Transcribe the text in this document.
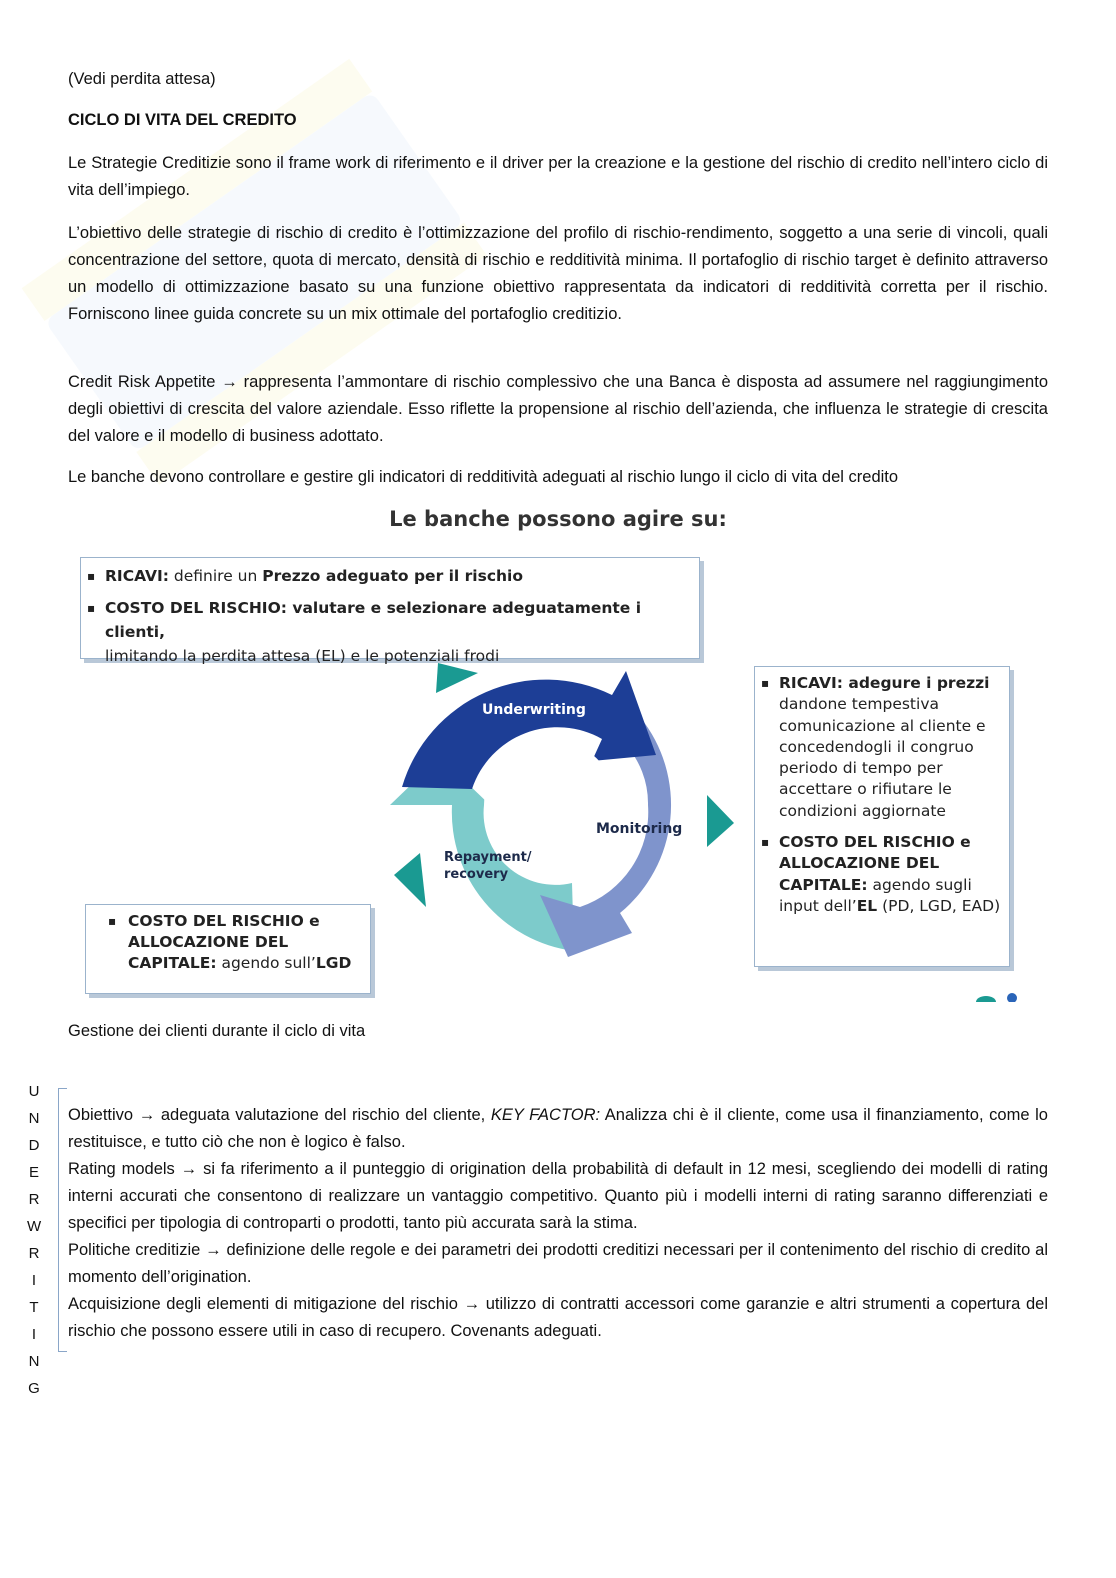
(Vedi perdita attesa)
CICLO DI VITA DEL CREDITO
Le Strategie Creditizie sono il frame work di riferimento e il driver per la creazione e la gestione del rischio di credito nell’intero ciclo di vita dell’impiego.
L’obiettivo delle strategie di rischio di credito è l’ottimizzazione del profilo di rischio-rendimento, soggetto a una serie di vincoli, quali concentrazione del settore, quota di mercato, densità di rischio e redditività minima. Il portafoglio di rischio target è definito attraverso un modello di ottimizzazione basato su una funzione obiettivo rappresentata da indicatori di redditività corretta per il rischio. Forniscono linee guida concrete su un mix ottimale del portafoglio creditizio.
Credit Risk Appetite → rappresenta l’ammontare di rischio complessivo che una Banca è disposta ad assumere nel raggiungimento degli obiettivi di crescita del valore aziendale. Esso riflette la propensione al rischio dell’azienda, che influenza le strategie di crescita del valore e il modello di business adottato.
Le banche devono controllare e gestire gli indicatori di redditività adeguati al rischio lungo il ciclo di vita del credito
Le banche possono agire su:
▪ RICAVI: definire un Prezzo adeguato per il rischio
▪ COSTO DEL RISCHIO: valutare e selezionare adeguatamente i clienti,
limitando la perdita attesa (EL) e le potenziali frodi
▪ RICAVI: adegure i prezzi
dandone tempestiva comunicazione al cliente e concedendogli il congruo periodo di tempo per accettare o rifiutare le condizioni aggiornate
▪ COSTO DEL RISCHIO e ALLOCAZIONE DEL CAPITALE: agendo sugli input dell’EL (PD, LGD, EAD)
▪ COSTO DEL RISCHIO e ALLOCAZIONE DEL CAPITALE: agendo sull’LGD
Underwriting
Monitoring
Repayment/
recovery
Gestione dei clienti durante il ciclo di vita
U
N
D
E
R
W
R
I
T
I
N
G
Obiettivo → adeguata valutazione del rischio del cliente, KEY FACTOR: Analizza chi è il cliente, come usa il finanziamento, come lo restituisce, e tutto ciò che non è logico è falso.
Rating models → si fa riferimento a il punteggio di origination della probabilità di default in 12 mesi, scegliendo dei modelli di rating interni accurati che consentono di realizzare un vantaggio competitivo. Quanto più i modelli interni di rating saranno differenziati e specifici per tipologia di controparti o prodotti, tanto più accurata sarà la stima.
Politiche creditizie → definizione delle regole e dei parametri dei prodotti creditizi necessari per il contenimento del rischio di credito al momento dell’origination.
Acquisizione degli elementi di mitigazione del rischio → utilizzo di contratti accessori come garanzie e altri strumenti a copertura del rischio che possono essere utili in caso di recupero. Covenants adeguati.
